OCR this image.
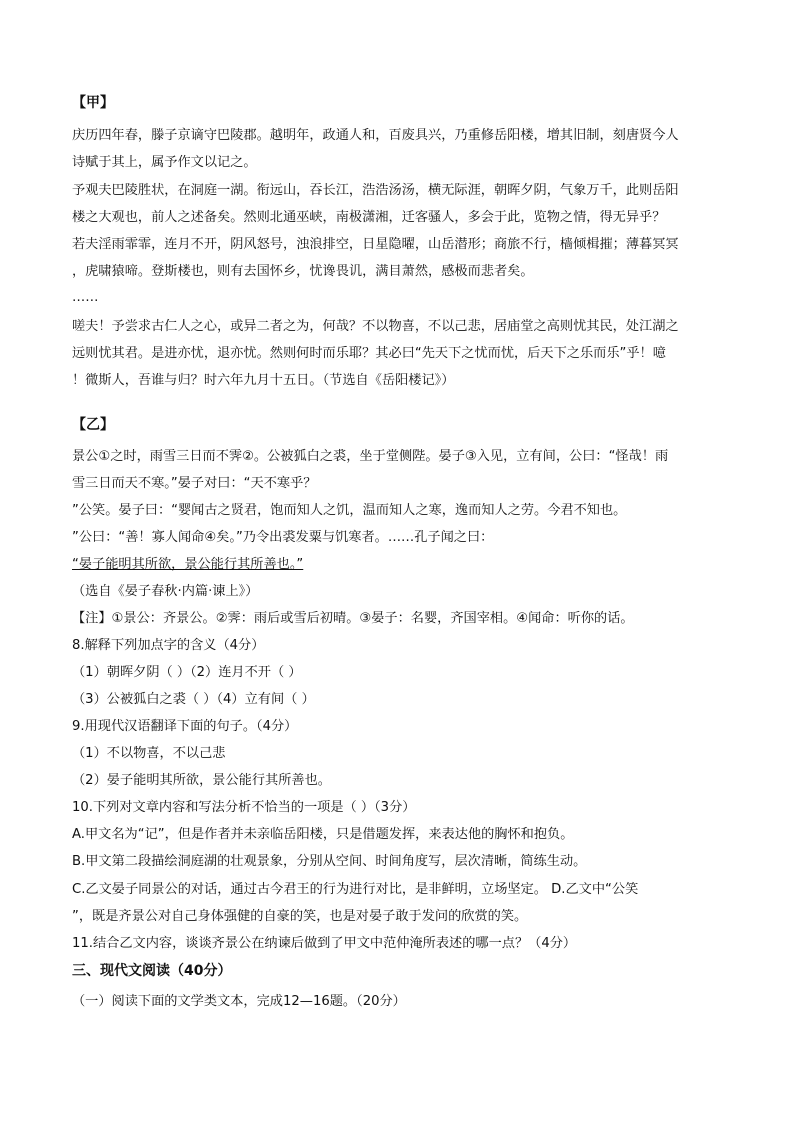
【甲】
庆历四年春，滕子京谪守巴陵郡。越明年，政通人和，百废具兴，乃重修岳阳楼，增其旧制，刻唐贤今人
诗赋于其上，属予作文以记之。
予观夫巴陵胜状，在洞庭一湖。衔远山，吞长江，浩浩汤汤，横无际涯，朝晖夕阴，气象万千，此则岳阳
楼之大观也，前人之述备矣。然则北通巫峡，南极潇湘，迁客骚人，多会于此，览物之情，得无异乎？
若夫淫雨霏霏，连月不开，阴风怒号，浊浪排空，日星隐曜，山岳潜形；商旅不行，樯倾楫摧；薄暮冥冥
，虎啸猿啼。登斯楼也，则有去国怀乡，忧谗畏讥，满目萧然，感极而悲者矣。
……
嗟夫！予尝求古仁人之心，或异二者之为，何哉？不以物喜，不以己悲，居庙堂之高则忧其民，处江湖之
远则忧其君。是进亦忧，退亦忧。然则何时而乐耶？其必曰“先天下之忧而忧，后天下之乐而乐”乎！噫
！微斯人，吾谁与归？时六年九月十五日。（节选自《岳阳楼记》）
【乙】
景公①之时，雨雪三日而不霁②。公被狐白之裘，坐于堂侧陛。晏子③入见，立有间，公曰：“怪哉！雨
雪三日而天不寒。”晏子对曰：“天不寒乎？
”公笑。晏子曰：“婴闻古之贤君，饱而知人之饥，温而知人之寒，逸而知人之劳。今君不知也。
”公曰：“善！寡人闻命④矣。”乃令出裘发粟与饥寒者。……孔子闻之曰：
“晏子能明其所欲，景公能行其所善也。”
（选自《晏子春秋·内篇·谏上》）
【注】①景公：齐景公。②霁：雨后或雪后初晴。③晏子：名婴，齐国宰相。④闻命：听你的话。
8.解释下列加点字的含义（4分）
（1）朝晖夕阴（ ）（2）连月不开（ ）
（3）公被狐白之裘（ ）（4）立有间（ ）
9.用现代汉语翻译下面的句子。（4分）
（1）不以物喜，不以己悲
（2）晏子能明其所欲，景公能行其所善也。
10.下列对文章内容和写法分析不恰当的一项是（ ）（3分）
A.甲文名为“记”，但是作者并未亲临岳阳楼，只是借题发挥，来表达他的胸怀和抱负。
B.甲文第二段描绘洞庭湖的壮观景象，分别从空间、时间角度写，层次清晰，简练生动。
C.乙文晏子同景公的对话，通过古今君王的行为进行对比，是非鲜明，立场坚定。 D.乙文中“公笑
”，既是齐景公对自己身体强健的自豪的笑，也是对晏子敢于发问的欣赏的笑。
11.结合乙文内容，谈谈齐景公在纳谏后做到了甲文中范仲淹所表述的哪一点？（4分）
三、现代文阅读（40分）
（一）阅读下面的文学类文本，完成12—16题。（20分）
